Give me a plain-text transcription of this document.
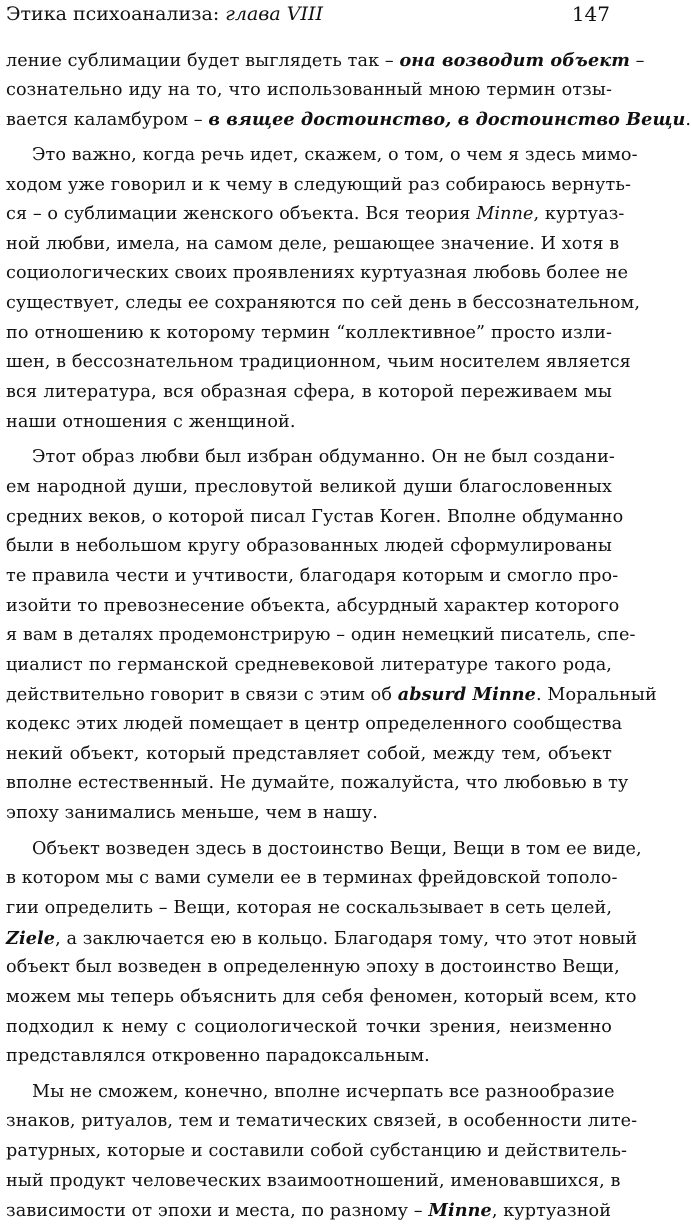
Этика психоанализа: глава VIII	147
ление сублимации будет выглядеть так – она возводит объект –
сознательно иду на то, что использованный мною термин отзы-
вается каламбуром – в вящее достоинство, в достоинство Вещи.
Это важно, когда речь идет, скажем, о том, о чем я здесь мимо-
ходом уже говорил и к чему в следующий раз собираюсь вернуть-
ся – о сублимации женского объекта. Вся теория Minne, куртуаз-
ной любви, имела, на самом деле, решающее значение. И хотя в
социологических своих проявлениях куртуазная любовь более не
существует, следы ее сохраняются по сей день в бессознательном,
по отношению к которому термин “коллективное” просто изли-
шен, в бессознательном традиционном, чьим носителем является
вся литература, вся образная сфера, в которой переживаем мы
наши отношения с женщиной.
Этот образ любви был избран обдуманно. Он не был создани-
ем народной души, пресловутой великой души благословенных
средних веков, о которой писал Густав Коген. Вполне обдуманно
были в небольшом кругу образованных людей сформулированы
те правила чести и учтивости, благодаря которым и смогло про-
изойти то превознесение объекта, абсурдный характер которого
я вам в деталях продемонстрирую – один немецкий писатель, спе-
циалист по германской средневековой литературе такого рода,
действительно говорит в связи с этим об absurd Minne. Моральный
кодекс этих людей помещает в центр определенного сообщества
некий объект, который представляет собой, между тем, объект
вполне естественный. Не думайте, пожалуйста, что любовью в ту
эпоху занимались меньше, чем в нашу.
Объект возведен здесь в достоинство Вещи, Вещи в том ее виде,
в котором мы с вами сумели ее в терминах фрейдовской тополо-
гии определить – Вещи, которая не соскальзывает в сеть целей,
Ziele, а заключается ею в кольцо. Благодаря тому, что этот новый
объект был возведен в определенную эпоху в достоинство Вещи,
можем мы теперь объяснить для себя феномен, который всем, кто
подходил к нему с социологической точки зрения, неизменно
представлялся откровенно парадоксальным.
Мы не сможем, конечно, вполне исчерпать все разнообразие
знаков, ритуалов, тем и тематических связей, в особенности лите-
ратурных, которые и составили собой субстанцию и действитель-
ный продукт человеческих взаимоотношений, именовавшихся, в
зависимости от эпохи и места, по разному – Minne, куртуазной
